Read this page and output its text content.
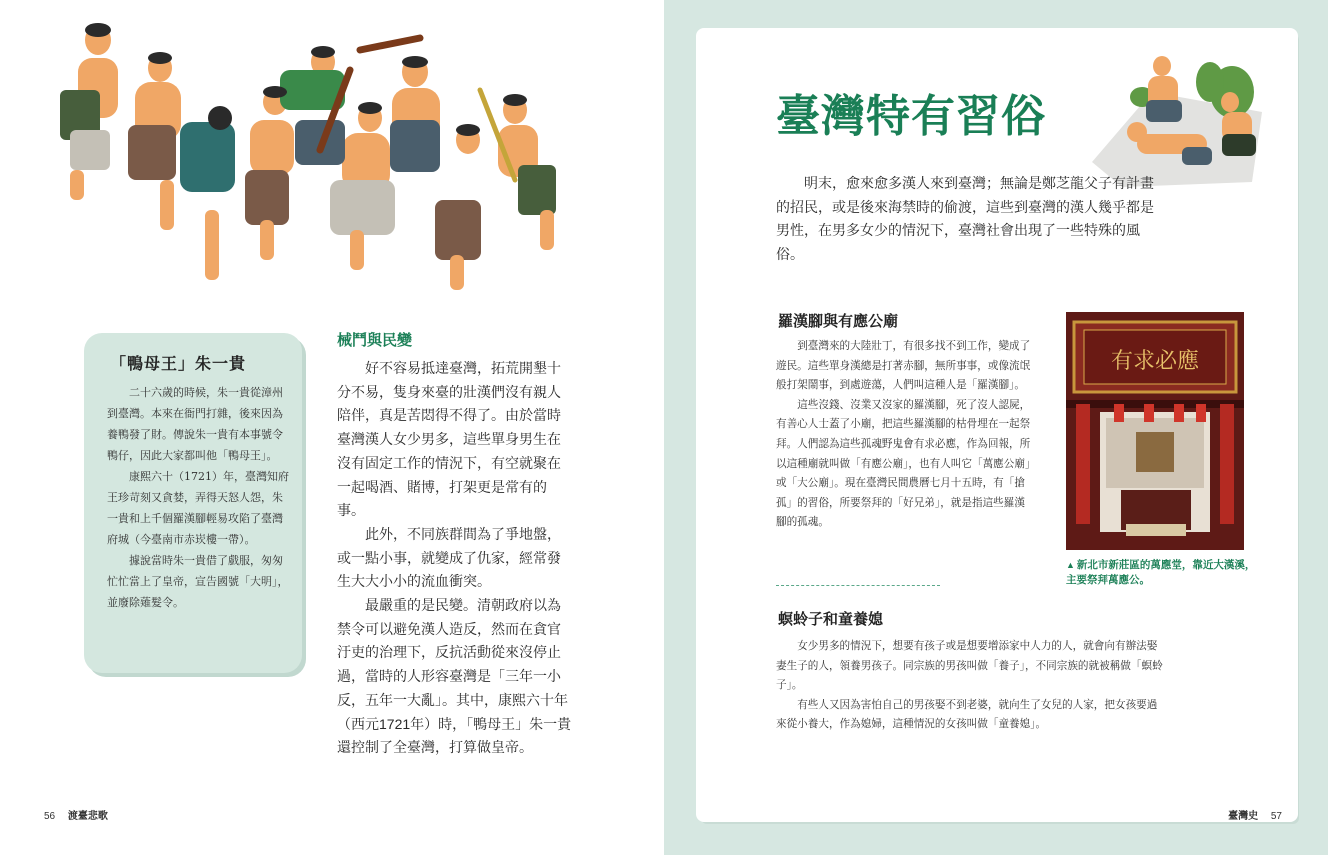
「鴨母王」朱一貴

二十六歲的時候，朱一貴從漳州到臺灣。本來在衙門打雜，後來因為養鴨發了財。傳說朱一貴有本事號令鴨仔，因此大家都叫他「鴨母王」。

康熙六十（1721）年，臺灣知府王珍苛刻又貪婪，弄得天怒人怨，朱一貴和上千個羅漢腳輕易攻陷了臺灣府城（今臺南市赤崁樓一帶）。

據說當時朱一貴借了戲服，匆匆忙忙當上了皇帝，宣告國號「大明」，並廢除薙髮令。

械鬥與民變

好不容易抵達臺灣，拓荒開墾十分不易，隻身來臺的壯漢們沒有親人陪伴，真是苦悶得不得了。由於當時臺灣漢人女少男多，這些單身男生在沒有固定工作的情況下，有空就聚在一起喝酒、賭博，打架更是常有的事。

此外，不同族群間為了爭地盤，或一點小事，就變成了仇家，經常發生大大小小的流血衝突。

最嚴重的是民變。清朝政府以為禁令可以避免漢人造反，然而在貪官汙吏的治理下，反抗活動從來沒停止過，當時的人形容臺灣是「三年一小反，五年一大亂」。其中，康熙六十年（西元1721年）時，「鴨母王」朱一貴還控制了全臺灣，打算做皇帝。

56 渡臺悲歌
臺灣特有習俗

明末，愈來愈多漢人來到臺灣；無論是鄭芝龍父子有計畫的招民，或是後來海禁時的偷渡，這些到臺灣的漢人幾乎都是男性，在男多女少的情況下，臺灣社會出現了一些特殊的風俗。

羅漢腳與有應公廟

到臺灣來的大陸壯丁，有很多找不到工作，變成了遊民。這些單身漢總是打著赤腳，無所事事，或像流氓般打架鬧事，到處遊蕩，人們叫這種人是「羅漢腳」。

這些沒錢、沒業又沒家的羅漢腳，死了沒人認屍，有善心人士蓋了小廟，把這些羅漢腳的枯骨埋在一起祭拜。人們認為這些孤魂野鬼會有求必應，作為回報，所以這種廟就叫做「有應公廟」，也有人叫它「萬應公廟」或「大公廟」。現在臺灣民間農曆七月十五時，有「搶孤」的習俗，所要祭拜的「好兄弟」，就是指這些羅漢腳的孤魂。

有求必應
▲ 新北市新莊區的萬應堂，靠近大漢溪，主要祭拜萬應公。
螟蛉子和童養媳

女少男多的情況下，想要有孩子或是想要增添家中人力的人，就會向有辦法娶妻生子的人，領養男孩子。同宗族的男孩叫做「養子」，不同宗族的就被稱做「螟蛉子」。

有些人又因為害怕自己的男孩娶不到老婆，就向生了女兒的人家，把女孩要過來從小養大，作為媳婦，這種情況的女孩叫做「童養媳」。

臺灣史 57
